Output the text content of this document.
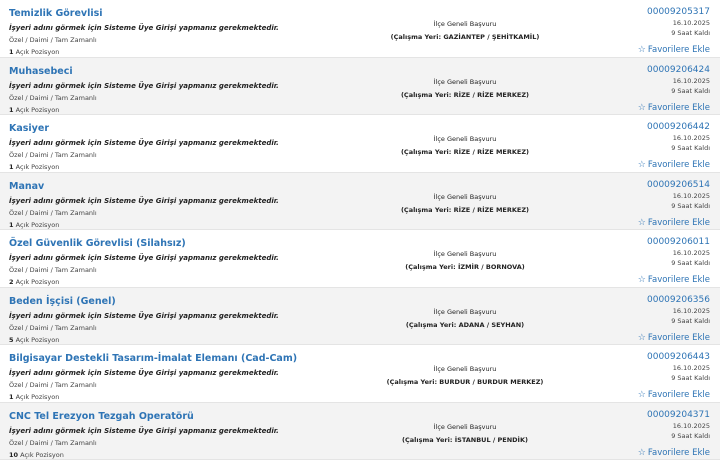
Temizlik Görevlisi
İşyeri adını görmek için Sisteme Üye Girişi yapmanız gerekmektedir.
Özel / Daimi / Tam Zamanlı
1 Açık Pozisyon
İlçe Geneli Başvuru
(Çalışma Yeri: GAZİANTEP / ŞEHİTKAMİL)
00009205317
16.10.2025
9 Saat Kaldı
☆ Favorilere Ekle
Muhasebeci
İşyeri adını görmek için Sisteme Üye Girişi yapmanız gerekmektedir.
Özel / Daimi / Tam Zamanlı
1 Açık Pozisyon
İlçe Geneli Başvuru
(Çalışma Yeri: RİZE / RİZE MERKEZ)
00009206424
16.10.2025
9 Saat Kaldı
☆ Favorilere Ekle
Kasiyer
İşyeri adını görmek için Sisteme Üye Girişi yapmanız gerekmektedir.
Özel / Daimi / Tam Zamanlı
1 Açık Pozisyon
İlçe Geneli Başvuru
(Çalışma Yeri: RİZE / RİZE MERKEZ)
00009206442
16.10.2025
9 Saat Kaldı
☆ Favorilere Ekle
Manav
İşyeri adını görmek için Sisteme Üye Girişi yapmanız gerekmektedir.
Özel / Daimi / Tam Zamanlı
1 Açık Pozisyon
İlçe Geneli Başvuru
(Çalışma Yeri: RİZE / RİZE MERKEZ)
00009206514
16.10.2025
9 Saat Kaldı
☆ Favorilere Ekle
Özel Güvenlik Görevlisi (Silahsız)
İşyeri adını görmek için Sisteme Üye Girişi yapmanız gerekmektedir.
Özel / Daimi / Tam Zamanlı
2 Açık Pozisyon
İlçe Geneli Başvuru
(Çalışma Yeri: İZMİR / BORNOVA)
00009206011
16.10.2025
9 Saat Kaldı
☆ Favorilere Ekle
Beden İşçisi (Genel)
İşyeri adını görmek için Sisteme Üye Girişi yapmanız gerekmektedir.
Özel / Daimi / Tam Zamanlı
5 Açık Pozisyon
İlçe Geneli Başvuru
(Çalışma Yeri: ADANA / SEYHAN)
00009206356
16.10.2025
9 Saat Kaldı
☆ Favorilere Ekle
Bilgisayar Destekli Tasarım-İmalat Elemanı (Cad-Cam)
İşyeri adını görmek için Sisteme Üye Girişi yapmanız gerekmektedir.
Özel / Daimi / Tam Zamanlı
1 Açık Pozisyon
İlçe Geneli Başvuru
(Çalışma Yeri: BURDUR / BURDUR MERKEZ)
00009206443
16.10.2025
9 Saat Kaldı
☆ Favorilere Ekle
CNC Tel Erezyon Tezgah Operatörü
İşyeri adını görmek için Sisteme Üye Girişi yapmanız gerekmektedir.
Özel / Daimi / Tam Zamanlı
10 Açık Pozisyon
İlçe Geneli Başvuru
(Çalışma Yeri: İSTANBUL / PENDİK)
00009204371
16.10.2025
9 Saat Kaldı
☆ Favorilere Ekle
